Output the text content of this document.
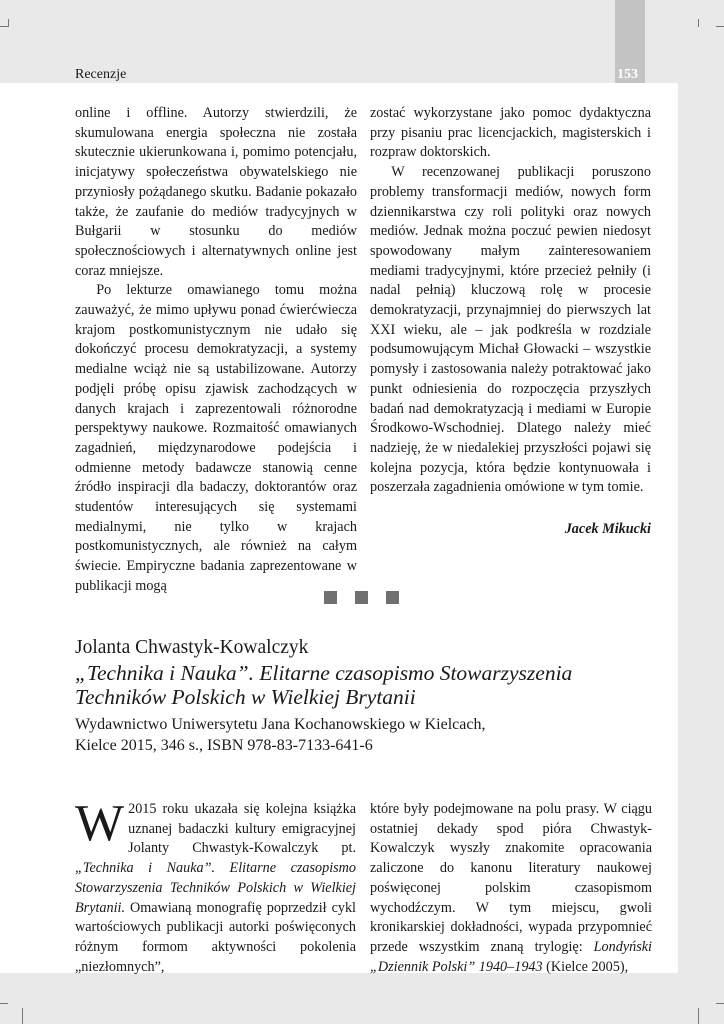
Recenzje	153

online i offline. Autorzy stwierdzili, że skumulowana energia społeczna nie została skutecznie ukierunkowana i, pomimo potencjału, inicjatywy społeczeństwa obywatelskiego nie przyniosły pożądanego skutku. Badanie pokazało także, że zaufanie do mediów tradycyjnych w Bułgarii w stosunku do mediów społecznościowych i alternatywnych online jest coraz mniejsze.

Po lekturze omawianego tomu można zauważyć, że mimo upływu ponad ćwierćwiecza krajom postkomunistycznym nie udało się dokończyć procesu demokratyzacji, a systemy medialne wciąż nie są ustabilizowane. Autorzy podjęli próbę opisu zjawisk zachodzących w danych krajach i zaprezentowali różnorodne perspektywy naukowe. Rozmaitość omawianych zagadnień, międzynarodowe podejścia i odmienne metody badawcze stanowią cenne źródło inspiracji dla badaczy, doktorantów oraz studentów interesujących się systemami medialnymi, nie tylko w krajach postkomunistycznych, ale również na całym świecie. Empiryczne badania zaprezentowane w publikacji mogą

zostać wykorzystane jako pomoc dydaktyczna przy pisaniu prac licencjackich, magisterskich i rozpraw doktorskich.

W recenzowanej publikacji poruszono problemy transformacji mediów, nowych form dziennikarstwa czy roli polityki oraz nowych mediów. Jednak można poczuć pewien niedosyt spowodowany małym zainteresowaniem mediami tradycyjnymi, które przecież pełniły (i nadal pełnią) kluczową rolę w procesie demokratyzacji, przynajmniej do pierwszych lat XXI wieku, ale – jak podkreśla w rozdziale podsumowującym Michał Głowacki – wszystkie pomysły i zastosowania należy potraktować jako punkt odniesienia do rozpoczęcia przyszłych badań nad demokratyzacją i mediami w Europie Środkowo-Wschodniej. Dlatego należy mieć nadzieję, że w niedalekiej przyszłości pojawi się kolejna pozycja, która będzie kontynuowała i poszerzała zagadnienia omówione w tym tomie.

Jacek Mikucki
Jolanta Chwastyk-Kowalczyk
„Technika i Nauka”. Elitarne czasopismo Stowarzyszenia Techników Polskich w Wielkiej Brytanii
Wydawnictwo Uniwersytetu Jana Kochanowskiego w Kielcach,
Kielce 2015, 346 s., ISBN 978-83-7133-641-6

W 2015 roku ukazała się kolejna książka uznanej badaczki kultury emigracyjnej Jolanty Chwastyk-Kowalczyk pt. „Technika i Nauka”. Elitarne czasopismo Stowarzyszenia Techników Polskich w Wielkiej Brytanii. Omawianą monografię poprzedził cykl wartościowych publikacji autorki poświęconych różnym formom aktywności pokolenia „niezłomnych”,

które były podejmowane na polu prasy. W ciągu ostatniej dekady spod pióra Chwastyk-Kowalczyk wyszły znakomite opracowania zaliczone do kanonu literatury naukowej poświęconej polskim czasopismom wychodźczym. W tym miejscu, gwoli kronikarskiej dokładności, wypada przypomnieć przede wszystkim znaną trylogię: Londyński „Dziennik Polski” 1940–1943 (Kielce 2005),
